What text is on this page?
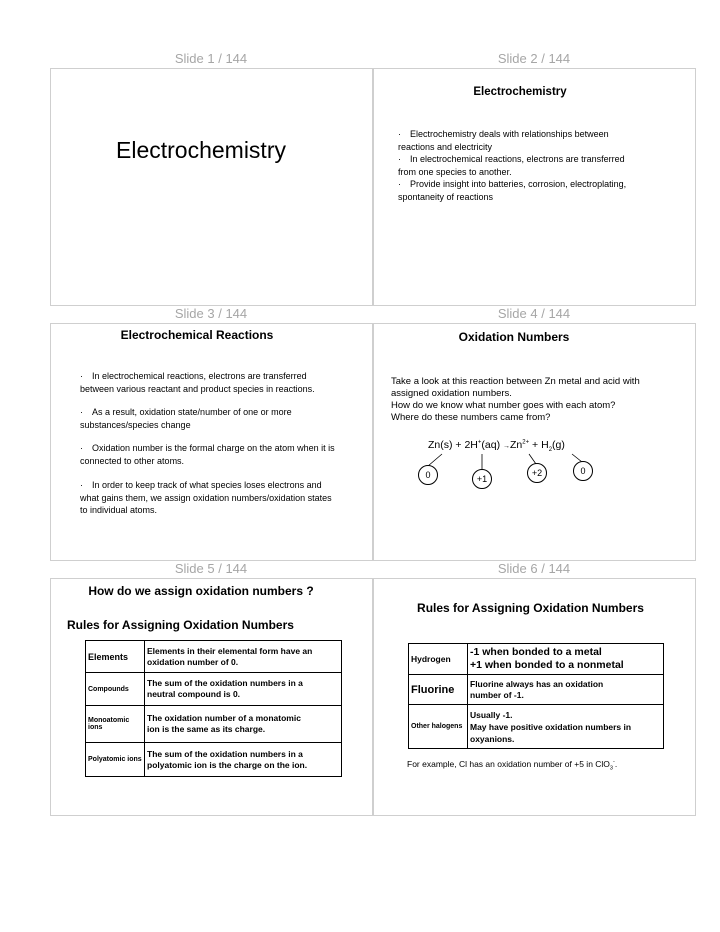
Slide 1 / 144	Slide 2 / 144
Slide 3 / 144	Slide 4 / 144
Slide 5 / 144	Slide 6 / 144
Electrochemistry
Electrochemistry
· Electrochemistry deals with relationships between
reactions and electricity
· In electrochemical reactions, electrons are transferred
from one species to another.
· Provide insight into batteries, corrosion, electroplating,
spontaneity of reactions
Electrochemical Reactions
· In electrochemical reactions, electrons are transferred
between various reactant and product species in reactions.
· As a result, oxidation state/number of one or more
substances/species change
· Oxidation number is the formal charge on the atom when it is
connected to other atoms.
· In order to keep track of what species loses electrons and
what gains them, we assign oxidation numbers/oxidation states
to individual atoms.
Oxidation Numbers
Take a look at this reaction between Zn metal and acid with
assigned oxidation numbers.
How do we know what number goes with each atom?
Where do these numbers came from?
$Zn(s) + 2H^+(aq) \to Zn^{2+} + H_2(g)$
0	+1
+2	0
How do we assign oxidation numbers ?
Rules for Assigning Oxidation Numbers
Elements	Elements in their elemental form have an
oxidation number of 0.
Compounds	The sum of the oxidation numbers in a
neutral compound is 0.
Monoatomic ions	The oxidation number of a monatomic
ion is the same as its charge.
Polyatomic ions	The sum of the oxidation numbers in a
polyatomic ion is the charge on the ion.
Rules for Assigning Oxidation Numbers
Hydrogen	-1 when bonded to a metal
+1 when bonded to a nonmetal
Fluorine	Fluorine always has an oxidation
number of -1.
Other halogens	Usually -1.
May have positive oxidation numbers in
oxyanions.
For example, Cl has an oxidation number of +5 in ClO$_3$-.
